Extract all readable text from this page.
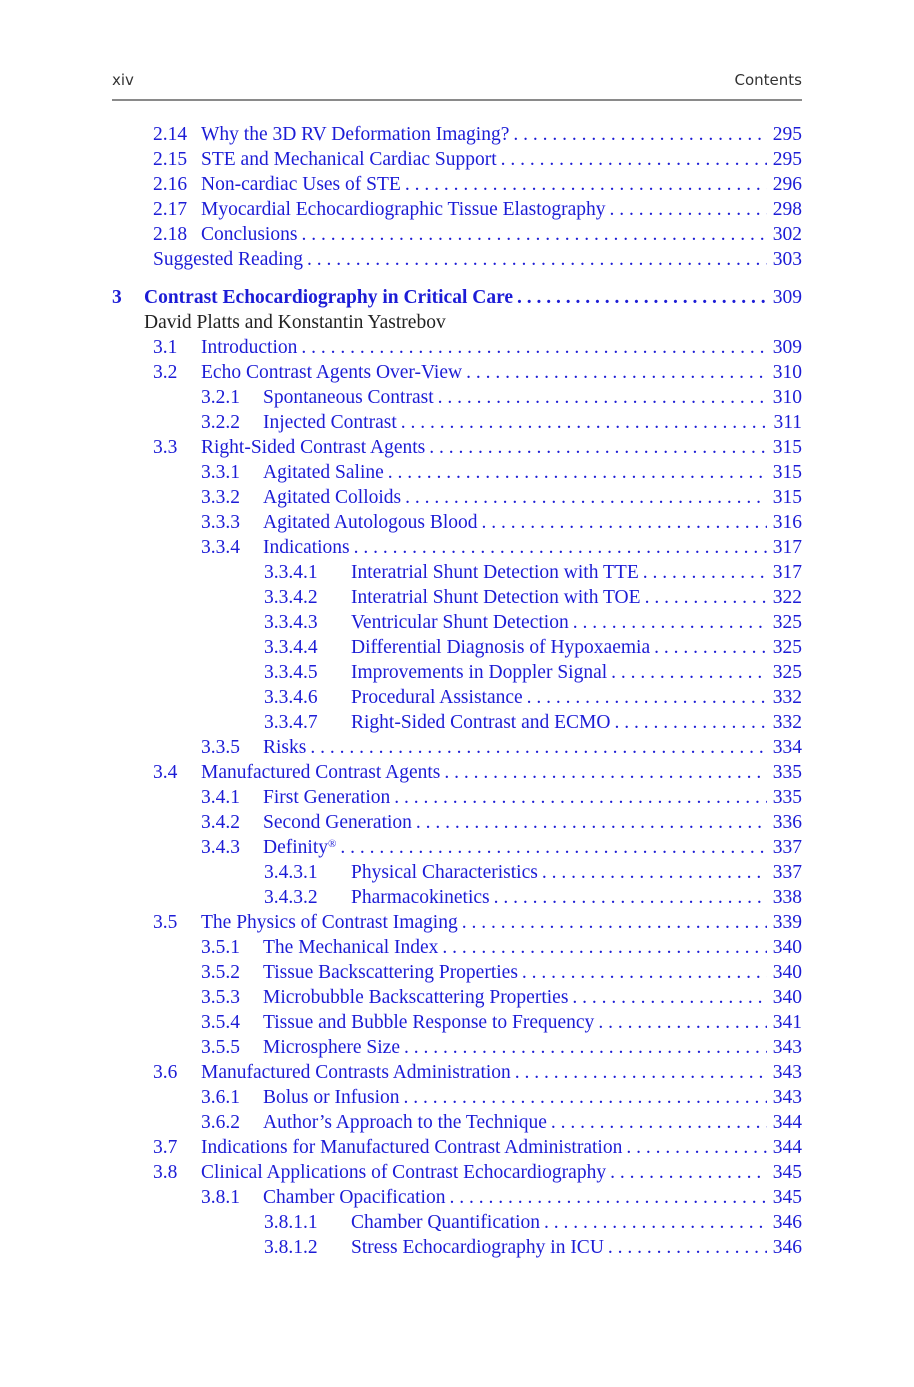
xiv	Contents
2.14 Why the 3D RV Deformation Imaging? . . .	295
2.15 STE and Mechanical Cardiac Support . . .	295
2.16 Non-cardiac Uses of STE . . .	296
2.17 Myocardial Echocardiographic Tissue Elastography . . .	298
2.18 Conclusions . . .	302
Suggested Reading . . .	303
3 Contrast Echocardiography in Critical Care . . .	309
David Platts and Konstantin Yastrebov
3.1 Introduction . . .	309
3.2 Echo Contrast Agents Over-View . . .	310
3.2.1 Spontaneous Contrast . . .	310
3.2.2 Injected Contrast . . .	311
3.3 Right-Sided Contrast Agents . . .	315
3.3.1 Agitated Saline . . .	315
3.3.2 Agitated Colloids . . .	315
3.3.3 Agitated Autologous Blood . . .	316
3.3.4 Indications . . .	317
3.3.4.1 Interatrial Shunt Detection with TTE . . .	317
3.3.4.2 Interatrial Shunt Detection with TOE . . .	322
3.3.4.3 Ventricular Shunt Detection . . .	325
3.3.4.4 Differential Diagnosis of Hypoxaemia . . .	325
3.3.4.5 Improvements in Doppler Signal . . .	325
3.3.4.6 Procedural Assistance . . .	332
3.3.4.7 Right-Sided Contrast and ECMO . . .	332
3.3.5 Risks . . .	334
3.4 Manufactured Contrast Agents . . .	335
3.4.1 First Generation . . .	335
3.4.2 Second Generation . . .	336
3.4.3 Definity® . . .	337
3.4.3.1 Physical Characteristics . . .	337
3.4.3.2 Pharmacokinetics . . .	338
3.5 The Physics of Contrast Imaging . . .	339
3.5.1 The Mechanical Index . . .	340
3.5.2 Tissue Backscattering Properties . . .	340
3.5.3 Microbubble Backscattering Properties . . .	340
3.5.4 Tissue and Bubble Response to Frequency . . .	341
3.5.5 Microsphere Size . . .	343
3.6 Manufactured Contrasts Administration . . .	343
3.6.1 Bolus or Infusion . . .	343
3.6.2 Author’s Approach to the Technique . . .	344
3.7 Indications for Manufactured Contrast Administration . . .	344
3.8 Clinical Applications of Contrast Echocardiography . . .	345
3.8.1 Chamber Opacification . . .	345
3.8.1.1 Chamber Quantification . . .	346
3.8.1.2 Stress Echocardiography in ICU . . .	346
